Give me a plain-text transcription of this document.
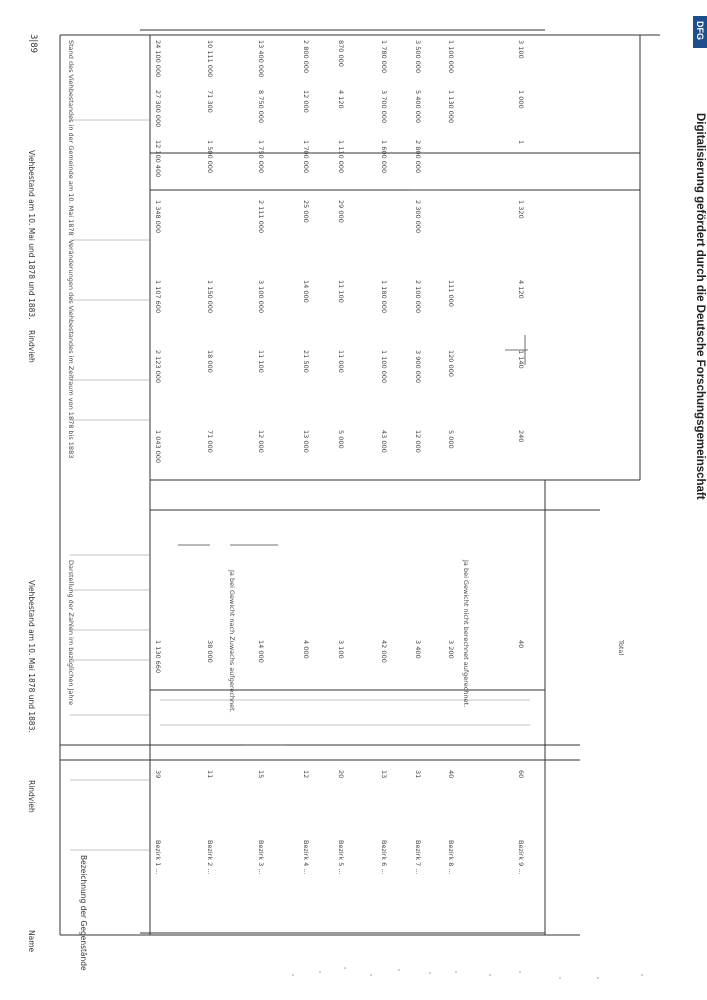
Name
Rindvieh
Viehbestand am 10. Mai 1878 und 1883.
Viehbestand am 10. Mai und 1878 und 1883.
Rindvieh
3|89
Bezeichnung der Gegenstände
Stand des Viehbestandes in der Gemeinde am 10. Mai 1878
Veränderungen des Viehbestandes im Zeitraum von 1878 bis 1883
Darstellung der Zahlen im bezüglichen Jahre
Bezirk 1 ...
39
1 130 660
1 043 000
2 123 000
1 107 600
1 348 000
12 100 400
27 300 000
24 100 000
Bezirk 2 ...
11
38 000
71 000
18 000
1 150 000
1 500 000
71 300
10 111 000
Bezirk 3 ...
15
14 000
12 000
11 100
3 100 000
2 111 000
1 750 000
8 750 000
13 400 000
Bezirk 4 ...
12
4 000
13 000
21 500
14 000
25 000
1 700 000
12 000
2 800 000
Bezirk 5 ...
20
3 100
5 000
11 000
11 100
29 000
1 110 000
4 120
870 000
Bezirk 6 ...
13
42 000
43 000
1 100 000
1 180 000
1 600 000
3 700 000
1 780 000
Bezirk 7 ...
31
3 400
12 000
3 900 000
2 100 000
2 300 000
2 800 000
5 400 000
3 500 000
Bezirk 8 ...
40
3 200
5 000
120 000
111 000
1 130 000
1 100 000
Bezirk 9 ...
60
40
240
1 140
4 120
1 320
1
1 000
3 100
Ja bei Gewicht nach Zuwachs aufgerechnet.	Ja bei Gewicht nicht berechnet aufgerechnet.	Total
DFG
Digitalisierung gefördert durch die Deutsche Forschungsgemeinschaft
